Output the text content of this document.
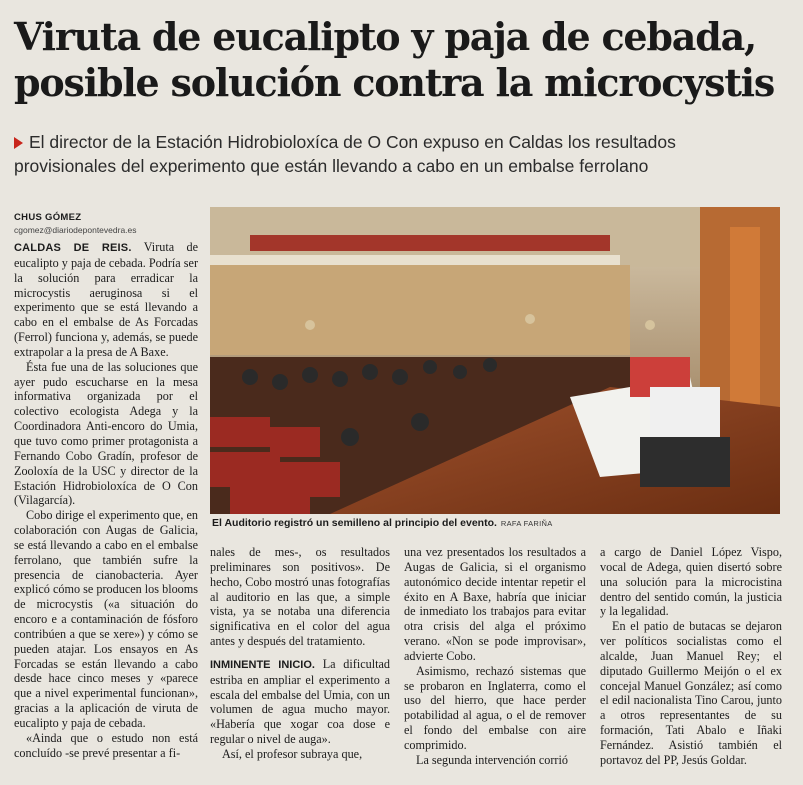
Viruta de eucalipto y paja de cebada,
posible solución contra la microcystis
El director de la Estación Hidrobioloxíca de O Con expuso en Caldas los resultados
provisionales del experimento que están llevando a cabo en un embalse ferrolano
CHUS GÓMEZ
cgomez@diariodepontevedra.es

CALDAS DE REIS. Viruta de eucalipto y paja de cebada. Podría ser la solución para erradicar la microcystis aeruginosa si el experimento que se está llevando a cabo en el embalse de As Forcadas (Ferrol) funciona y, además, se puede extrapolar a la presa de A Baxe.

Ésta fue una de las soluciones que ayer pudo escucharse en la mesa informativa organizada por el colectivo ecologista Adega y la Coordinadora Anti-encoro do Umia, que tuvo como primer protagonista a Fernando Cobo Gradín, profesor de Zooloxía de la USC y director de la Estación Hidrobioloxíca de O Con (Vilagarcía).

Cobo dirige el experimento que, en colaboración con Augas de Galicia, se está llevando a cabo en el embalse ferrolano, que también sufre la presencia de cianobacteria. Ayer explicó cómo se producen los blooms de microcystis («a situación do encoro e a contaminación de fósforo contribúen a que se xere») y cómo se pueden atajar. Los ensayos en As Forcadas se están llevando a cabo desde hace cinco meses y «parece que a nivel experimental funcionan», gracias a la aplicación de viruta de eucalipto y paja de cebada.

«Ainda que o estudo non está concluído -se prevé presentar a fi-

El Auditorio registró un semilleno al principio del evento. RAFA FARIÑA

nales de mes-, os resultados preliminares son positivos». De hecho, Cobo mostró unas fotografías al auditorio en las que, a simple vista, ya se notaba una diferencia significativa en el color del agua antes y después del tratamiento.

INMINENTE INICIO. La dificultad estriba en ampliar el experimento a escala del embalse del Umia, con un volumen de agua mucho mayor. «Habería que xogar coa dose e regular o nivel de auga».

Así, el profesor subraya que,

una vez presentados los resultados a Augas de Galicia, si el organismo autonómico decide intentar repetir el éxito en A Baxe, habría que iniciar de inmediato los trabajos para evitar otra crisis del alga el próximo verano. «Non se pode improvisar», advierte Cobo.

Asimismo, rechazó sistemas que se probaron en Inglaterra, como el uso del hierro, que hace perder potabilidad al agua, o el de remover el fondo del embalse con aire comprimido.

La segunda intervención corrió

a cargo de Daniel López Vispo, vocal de Adega, quien disertó sobre una solución para la microcistina dentro del sentido común, la justicia y la legalidad.

En el patio de butacas se dejaron ver políticos socialistas como el alcalde, Juan Manuel Rey; el diputado Guillermo Meijón o el ex concejal Manuel González; así como el edil nacionalista Tino Carou, junto a otros representantes de su formación, Tati Abalo e Iñaki Fernández. Asistió también el portavoz del PP, Jesús Goldar.
